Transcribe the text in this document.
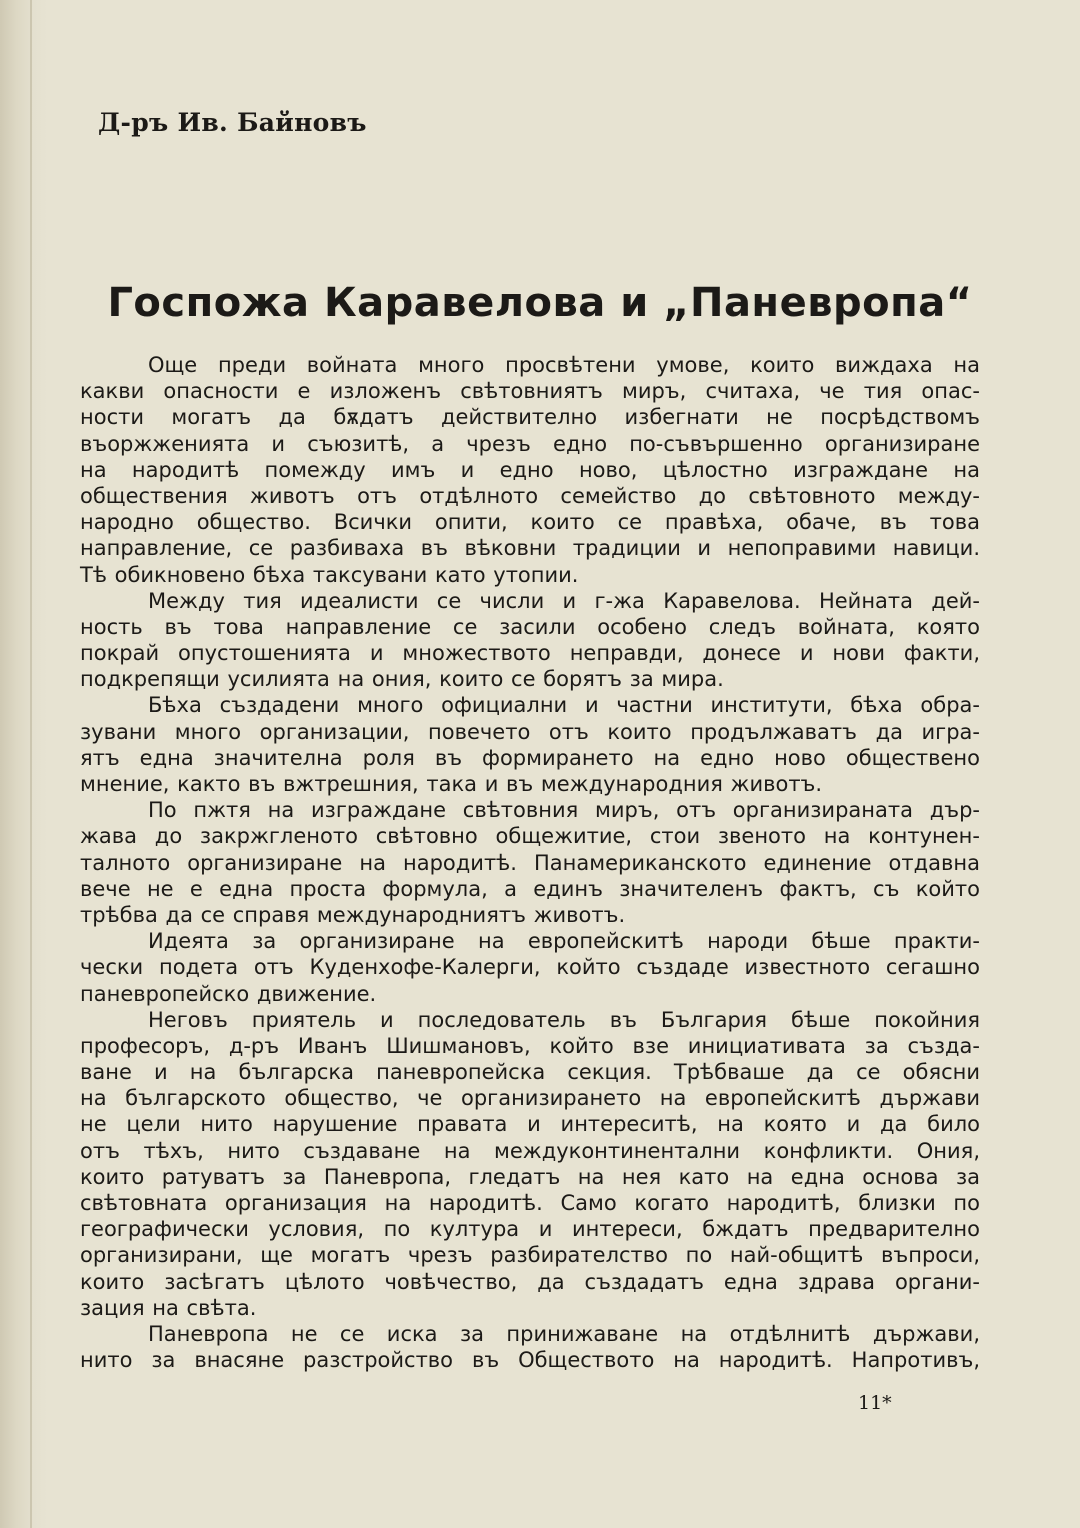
Д-ръ Ив. Байновъ
Госпожа Каравелова и „Паневропа“
Още преди войната много просвѣтени умове, които виждаха на
какви опасности е изложенъ свѣтовниятъ миръ, считаха, че тия опас-
ности могатъ да бѫдатъ действително избегнати не посрѣдствомъ
въоржженията и съюзитѣ, а чрезъ едно по-съвършенно организиране
на народитѣ помежду имъ и едно ново, цѣлостно изграждане на
обществения животъ отъ отдѣлното семейство до свѣтовното между-
народно общество. Всички опити, които се правѣха, обаче, въ това
направление, се разбиваха въ вѣковни традиции и непоправими навици.
Тѣ обикновено бѣха таксувани като утопии.
Между тия идеалисти се числи и г-жа Каравелова. Нейната дей-
ность въ това направление се засили особено следъ войната, която
покрай опустошенията и множеството неправди, донесе и нови факти,
подкрепящи усилията на ония, които се борятъ за мира.
Бѣха създадени много официални и частни институти, бѣха обра-
зувани много организации, повечето отъ които продължаватъ да игра-
ятъ една значителна роля въ формирането на едно ново обществено
мнение, както въ вжтрешния, така и въ международния животъ.
По пжтя на изграждане свѣтовния миръ, отъ организираната дър-
жава до закржгленото свѣтовно общежитие, стои звеното на контунен-
талното организиране на народитѣ. Панамериканското единение отдавна
вече не е една проста формула, а единъ значителенъ фактъ, съ който
трѣбва да се справя международниятъ животъ.
Идеята за организиране на европейскитѣ народи бѣше практи-
чески подета отъ Куденхофе-Калерги, който създаде известното сегашно
паневропейско движение.
Неговъ приятель и последователь въ България бѣше покойния
професоръ, д-ръ Иванъ Шишмановъ, който взе инициативата за създа-
ване и на българска паневропейска секция. Трѣбваше да се обясни
на българското общество, че организирането на европейскитѣ държави
не цели нито нарушение правата и интереситѣ, на която и да било
отъ тѣхъ, нито създаване на междуконтинентални конфликти. Ония,
които ратуватъ за Паневропа, гледатъ на нея като на една основа за
свѣтовната организация на народитѣ. Само когато народитѣ, близки по
географически условия, по култура и интереси, бждатъ предварително
организирани, ще могатъ чрезъ разбирателство по най-общитѣ въпроси,
които засѣгатъ цѣлото човѣчество, да създадатъ една здрава органи-
зация на свѣта.
Паневропа не се иска за принижаване на отдѣлнитѣ държави,
нито за внасяне разстройство въ Обществото на народитѣ. Напротивъ,
11*
